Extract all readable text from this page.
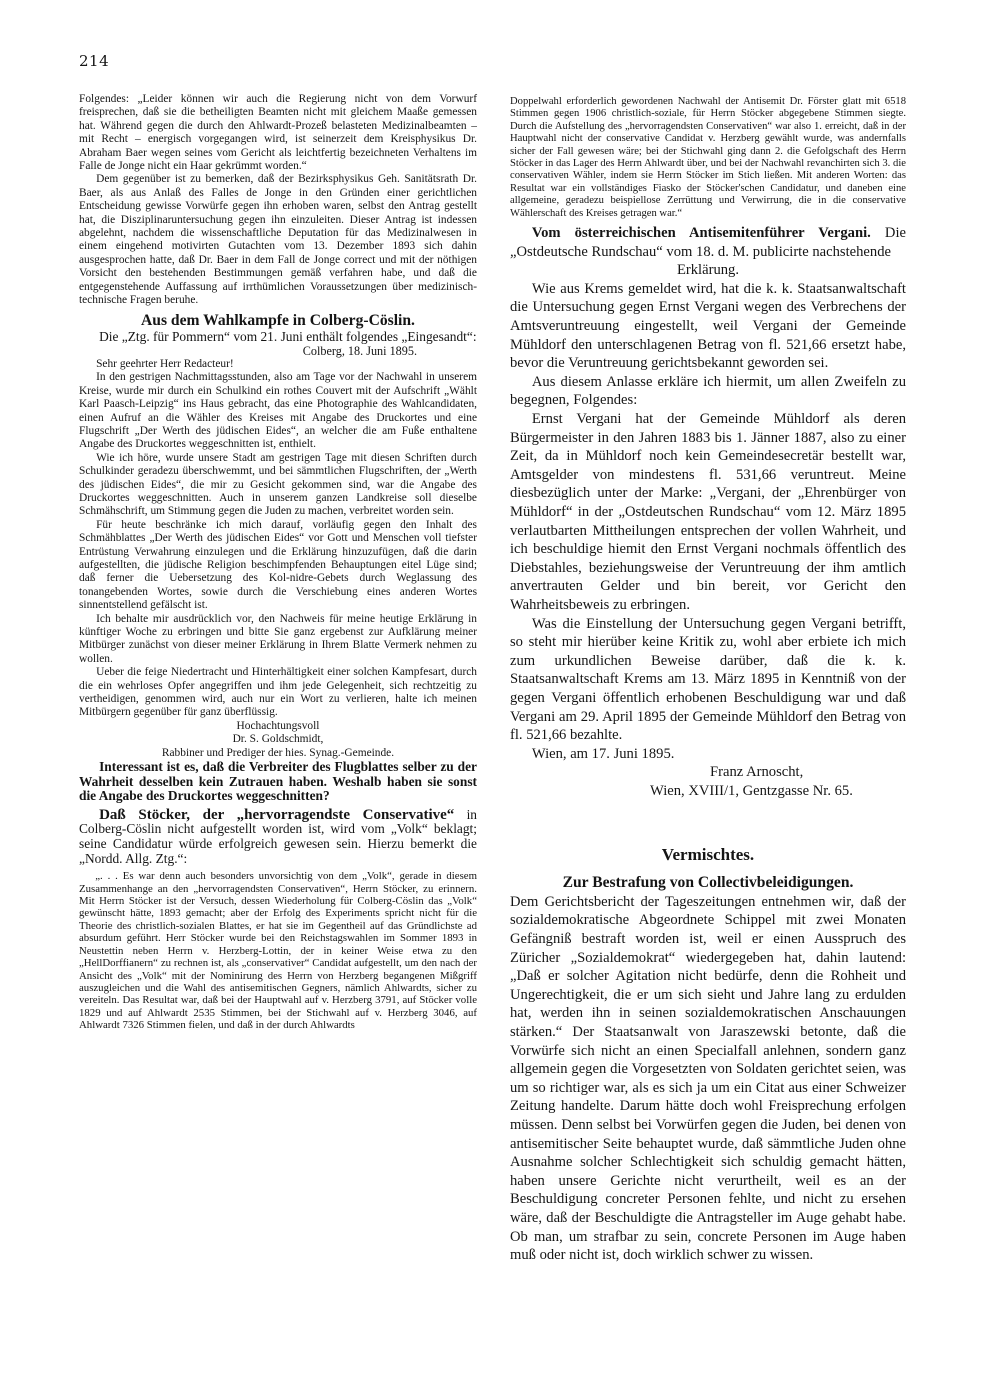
214

Folgendes: „Leider können wir auch die Regierung nicht von dem Vorwurf freisprechen, daß sie die betheiligten Beamten nicht mit gleichem Maaße gemessen hat. Während gegen die durch den Ahlwardt-Prozeß belasteten Medizinalbeamten – mit Recht – energisch vorgegangen wird, ist seinerzeit dem Kreisphysikus Dr. Abraham Baer wegen seines vom Gericht als leichtfertig bezeichneten Verhaltens im Falle de Jonge nicht ein Haar gekrümmt worden.“

Dem gegenüber ist zu bemerken, daß der Bezirksphysikus Geh. Sanitätsrath Dr. Baer, als aus Anlaß des Falles de Jonge in den Gründen einer gerichtlichen Entscheidung gewisse Vorwürfe gegen ihn erhoben waren, selbst den Antrag gestellt hat, die Disziplinaruntersuchung gegen ihn einzuleiten. Dieser Antrag ist indessen abgelehnt, nachdem die wissenschaftliche Deputation für das Medizinalwesen in einem eingehend motivirten Gutachten vom 13. Dezember 1893 sich dahin ausgesprochen hatte, daß Dr. Baer in dem Fall de Jonge correct und mit der nöthigen Vorsicht den bestehenden Bestimmungen gemäß verfahren habe, und daß die entgegenstehende Auffassung auf irrthümlichen Voraussetzungen über medizinisch-technische Fragen beruhe.

Aus dem Wahlkampfe in Colberg-Cöslin.

Die „Ztg. für Pommern“ vom 21. Juni enthält folgendes „Eingesandt“:

Colberg, 18. Juni 1895.

Sehr geehrter Herr Redacteur!

In den gestrigen Nachmittagsstunden, also am Tage vor der Nachwahl in unserem Kreise, wurde mir durch ein Schulkind ein rothes Couvert mit der Aufschrift „Wählt Karl Paasch-Leipzig“ ins Haus gebracht, das eine Photographie des Wahlcandidaten, einen Aufruf an die Wähler des Kreises mit Angabe des Druckortes und eine Flugschrift „Der Werth des jüdischen Eides“, an welcher die am Fuße enthaltene Angabe des Druckortes weggeschnitten ist, enthielt.

Wie ich höre, wurde unsere Stadt am gestrigen Tage mit diesen Schriften durch Schulkinder geradezu überschwemmt, und bei sämmtlichen Flugschriften, der „Werth des jüdischen Eides“, die mir zu Gesicht gekommen sind, war die Angabe des Druckortes weggeschnitten. Auch in unserem ganzen Landkreise soll dieselbe Schmähschrift, um Stimmung gegen die Juden zu machen, verbreitet worden sein.

Für heute beschränke ich mich darauf, vorläufig gegen den Inhalt des Schmähblattes „Der Werth des jüdischen Eides“ vor Gott und Menschen voll tiefster Entrüstung Verwahrung einzulegen und die Erklärung hinzuzufügen, daß die darin aufgestellten, die jüdische Religion beschimpfenden Behauptungen eitel Lüge sind; daß ferner die Uebersetzung des Kol-nidre-Gebets durch Weglassung des tonangebenden Wortes, sowie durch die Verschiebung eines anderen Wortes sinnentstellend gefälscht ist.

Ich behalte mir ausdrücklich vor, den Nachweis für meine heutige Erklärung in künftiger Woche zu erbringen und bitte Sie ganz ergebenst zur Aufklärung meiner Mitbürger zunächst von dieser meiner Erklärung in Ihrem Blatte Vermerk nehmen zu wollen.

Ueber die feige Niedertracht und Hinterhältigkeit einer solchen Kampfesart, durch die ein wehrloses Opfer angegriffen und ihm jede Gelegenheit, sich rechtzeitig zu vertheidigen, genommen wird, auch nur ein Wort zu verlieren, halte ich meinen Mitbürgern gegenüber für ganz überflüssig.

Hochachtungsvoll

Dr. S. Goldschmidt,

Rabbiner und Prediger der hies. Synag.-Gemeinde.

Interessant ist es, daß die Verbreiter des Flugblattes selber zu der Wahrheit desselben kein Zutrauen haben. Weshalb haben sie sonst die Angabe des Druckortes weggeschnitten?

Daß Stöcker, der „hervorragendste Conservative“ in Colberg-Cöslin nicht aufgestellt worden ist, wird vom „Volk“ beklagt; seine Candidatur würde erfolgreich gewesen sein. Hierzu bemerkt die „Nordd. Allg. Ztg.“:

„. . . Es war denn auch besonders unvorsichtig von dem „Volk“, gerade in diesem Zusammenhange an den „hervorragendsten Conservativen“, Herrn Stöcker, zu erinnern. Mit Herrn Stöcker ist der Versuch, dessen Wiederholung für Colberg-Cöslin das „Volk“ gewünscht hätte, 1893 gemacht; aber der Erfolg des Experiments spricht nicht für die Theorie des christlich-sozialen Blattes, er hat sie im Gegentheil auf das Gründlichste ad absurdum geführt. Herr Stöcker wurde bei den Reichstagswahlen im Sommer 1893 in Neustettin neben Herrn v. Herzberg-Lottin, der in keiner Weise etwa zu den „HellDorffianern“ zu rechnen ist, als „conservativer“ Candidat aufgestellt, um den nach der Ansicht des „Volk“ mit der Nominirung des Herrn von Herzberg begangenen Mißgriff auszugleichen und die Wahl des antisemitischen Gegners, nämlich Ahlwardts, sicher zu vereiteln. Das Resultat war, daß bei der Hauptwahl auf v. Herzberg 3791, auf Stöcker volle 1829 und auf Ahlwardt 2535 Stimmen, bei der Stichwahl auf v. Herzberg 3046, auf Ahlwardt 7326 Stimmen fielen, und daß in der durch Ahlwardts

Doppelwahl erforderlich gewordenen Nachwahl der Antisemit Dr. Förster glatt mit 6518 Stimmen gegen 1906 christlich-soziale, für Herrn Stöcker abgegebene Stimmen siegte. Durch die Aufstellung des „hervorragendsten Conservativen“ war also 1. erreicht, daß in der Hauptwahl nicht der conservative Candidat v. Herzberg gewählt wurde, was andernfalls sicher der Fall gewesen wäre; bei der Stichwahl ging dann 2. die Gefolgschaft des Herrn Stöcker in das Lager des Herrn Ahlwardt über, und bei der Nachwahl revanchirten sich 3. die conservativen Wähler, indem sie Herrn Stöcker im Stich ließen. Mit anderen Worten: das Resultat war ein vollständiges Fiasko der Stöcker'schen Candidatur, und daneben eine allgemeine, geradezu beispiellose Zerrüttung und Verwirrung, die in die conservative Wählerschaft des Kreises getragen war.“

Vom österreichischen Antisemitenführer Vergani. Die „Ostdeutsche Rundschau“ vom 18. d. M. publicirte nachstehende

Erklärung.

Wie aus Krems gemeldet wird, hat die k. k. Staatsanwaltschaft die Untersuchung gegen Ernst Vergani wegen des Verbrechens der Amtsveruntreuung eingestellt, weil Vergani der Gemeinde Mühldorf den unterschlagenen Betrag von fl. 521,66 ersetzt habe, bevor die Veruntreuung gerichtsbekannt geworden sei.

Aus diesem Anlasse erkläre ich hiermit, um allen Zweifeln zu begegnen, Folgendes:

Ernst Vergani hat der Gemeinde Mühldorf als deren Bürgermeister in den Jahren 1883 bis 1. Jänner 1887, also zu einer Zeit, da in Mühldorf noch kein Gemeindesecretär bestellt war, Amtsgelder von mindestens fl. 531,66 veruntreut. Meine diesbezüglich unter der Marke: „Vergani, der „Ehrenbürger von Mühldorf“ in der „Ostdeutschen Rundschau“ vom 12. März 1895 verlautbarten Mittheilungen entsprechen der vollen Wahrheit, und ich beschuldige hiemit den Ernst Vergani nochmals öffentlich des Diebstahles, beziehungsweise der Veruntreuung der ihm amtlich anvertrauten Gelder und bin bereit, vor Gericht den Wahrheitsbeweis zu erbringen.

Was die Einstellung der Untersuchung gegen Vergani betrifft, so steht mir hierüber keine Kritik zu, wohl aber erbiete ich mich zum urkundlichen Beweise darüber, daß die k. k. Staatsanwaltschaft Krems am 13. März 1895 in Kenntniß von der gegen Vergani öffentlich erhobenen Beschuldigung war und daß Vergani am 29. April 1895 der Gemeinde Mühldorf den Betrag von fl. 521,66 bezahlte.

Wien, am 17. Juni 1895.

Franz Arnoscht,

Wien, XVIII/1, Gentzgasse Nr. 65.

Vermischtes.

Zur Bestrafung von Collectivbeleidigungen.

Dem Gerichtsbericht der Tageszeitungen entnehmen wir, daß der sozialdemokratische Abgeordnete Schippel mit zwei Monaten Gefängniß bestraft worden ist, weil er einen Ausspruch des Züricher „Sozialdemokrat“ wiedergegeben hat, dahin lautend: „Daß er solcher Agitation nicht bedürfe, denn die Rohheit und Ungerechtigkeit, die er um sich sieht und Jahre lang zu erdulden hat, werden ihn in seinen sozialdemokratischen Anschauungen stärken.“ Der Staatsanwalt von Jaraszewski betonte, daß die Vorwürfe sich nicht an einen Specialfall anlehnen, sondern ganz allgemein gegen die Vorgesetzten von Soldaten gerichtet seien, was um so richtiger war, als es sich ja um ein Citat aus einer Schweizer Zeitung handelte. Darum hätte doch wohl Freisprechung erfolgen müssen. Denn selbst bei Vorwürfen gegen die Juden, bei denen von antisemitischer Seite behauptet wurde, daß sämmtliche Juden ohne Ausnahme solcher Schlechtigkeit sich schuldig gemacht hätten, haben unsere Gerichte nicht verurtheilt, weil es an der Beschuldigung concreter Personen fehlte, und nicht zu ersehen wäre, daß der Beschuldigte die Antragsteller im Auge gehabt habe. Ob man, um strafbar zu sein, concrete Personen im Auge haben muß oder nicht ist, doch wirklich schwer zu wissen.
